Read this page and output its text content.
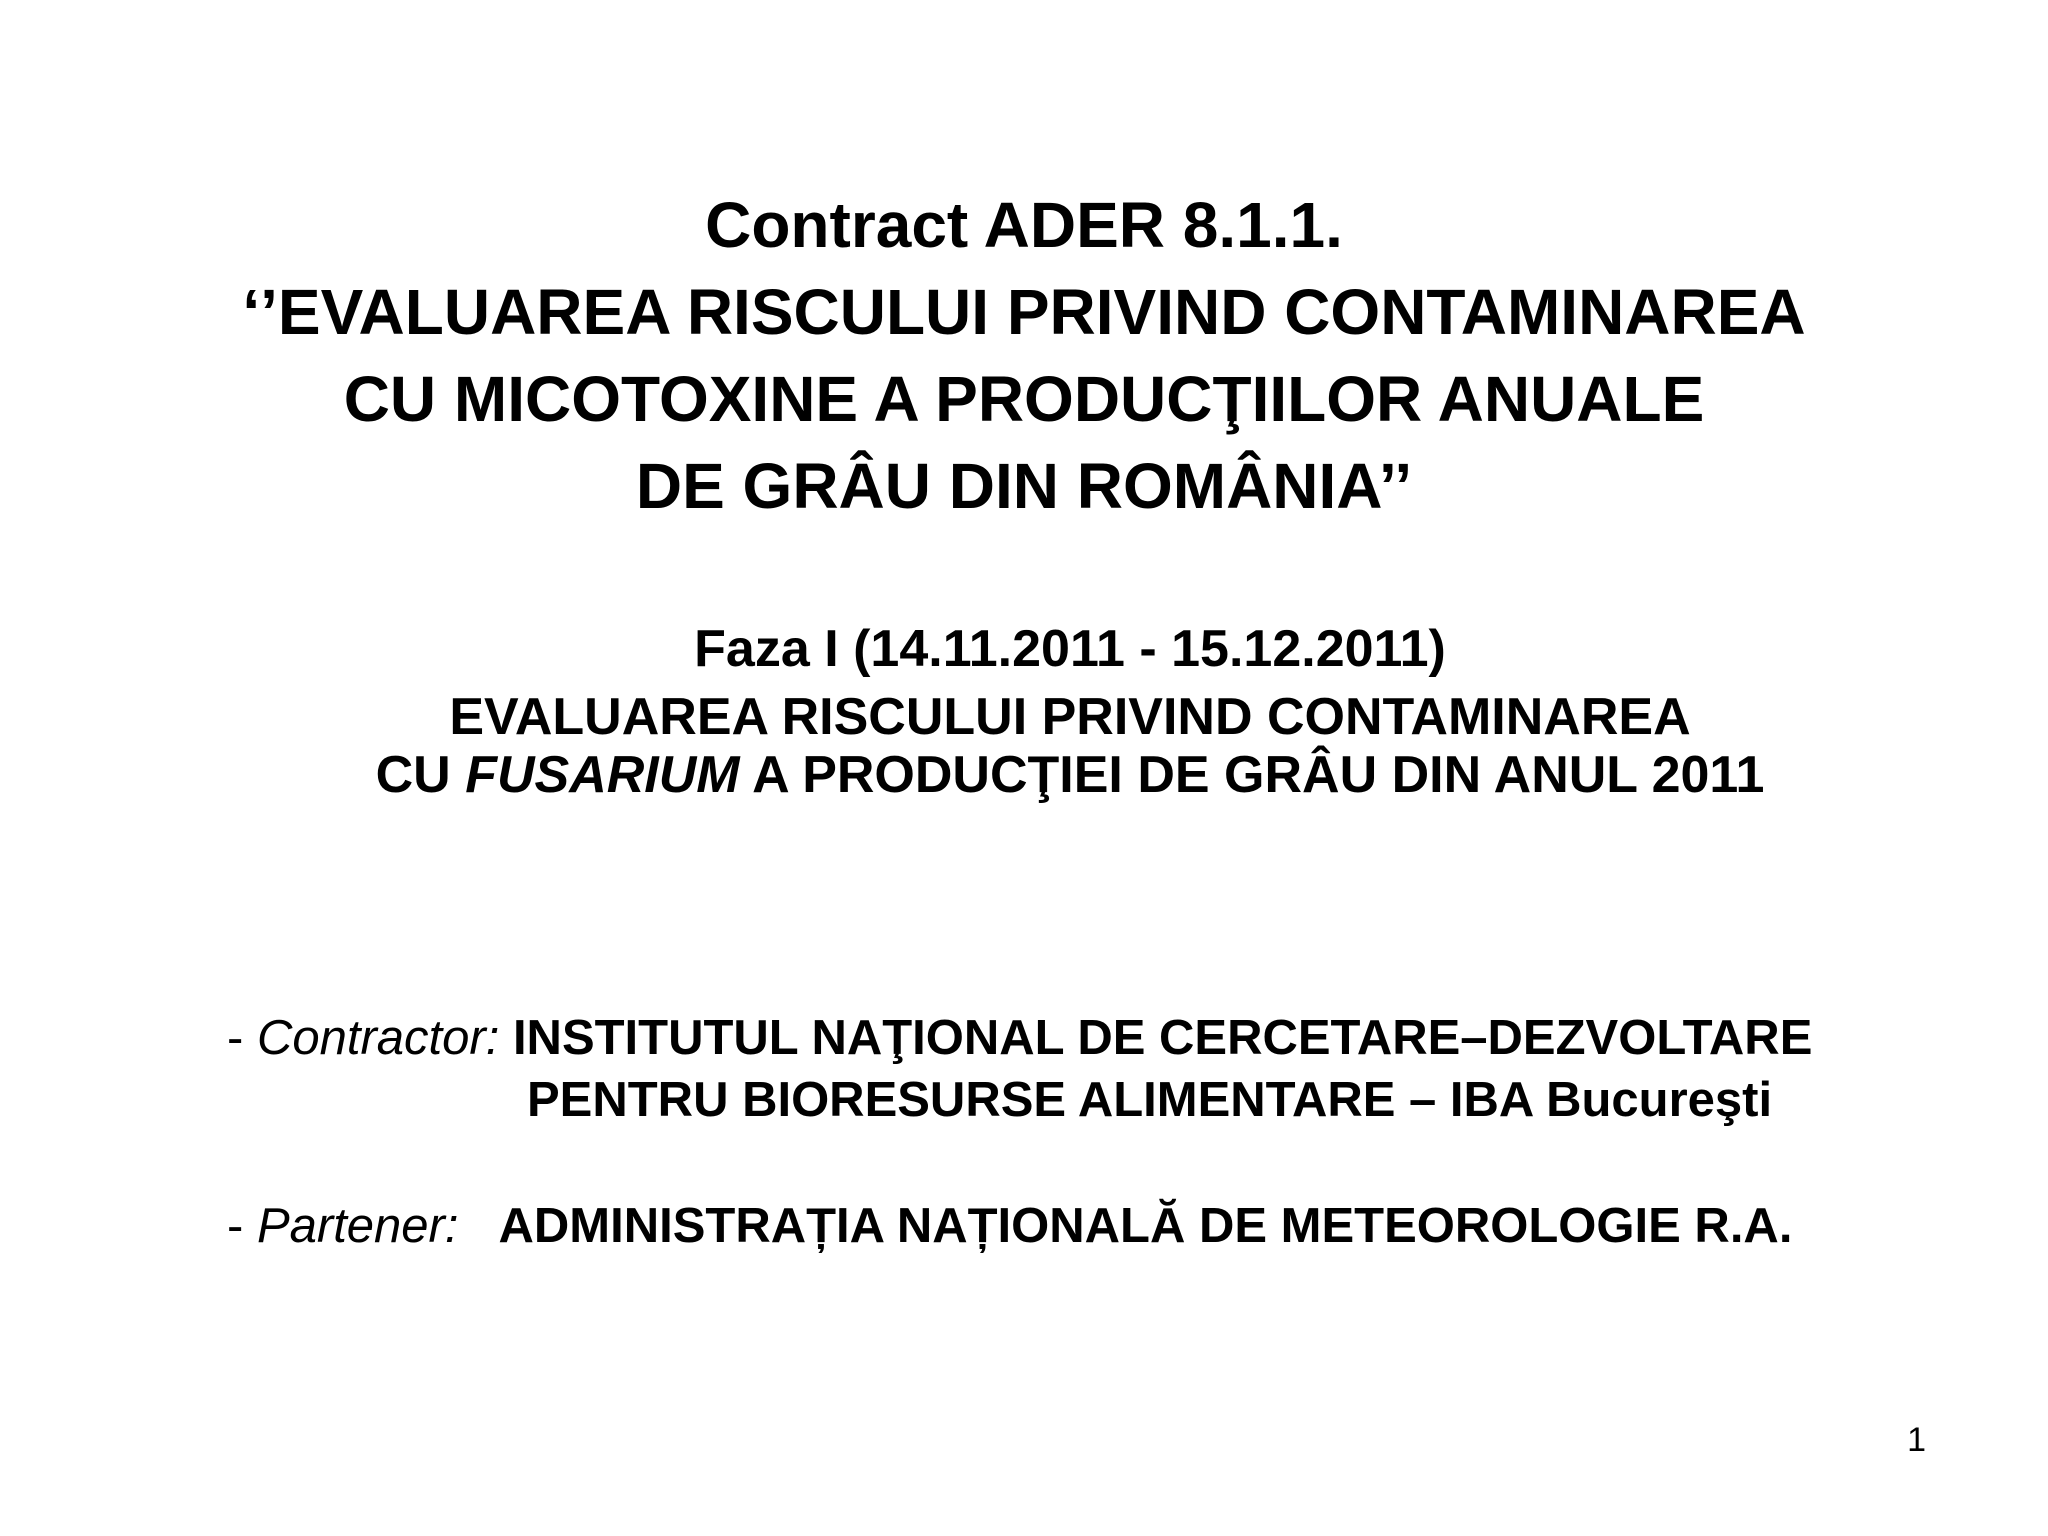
Contract ADER 8.1.1.
‘’EVALUAREA RISCULUI PRIVIND CONTAMINAREA
CU MICOTOXINE A PRODUCŢIILOR ANUALE
DE GRÂU DIN ROMÂNIA’’
Faza I (14.11.2011 - 15.12.2011)
EVALUAREA RISCULUI PRIVIND CONTAMINAREA
CU FUSARIUM A PRODUCŢIEI DE GRÂU DIN ANUL 2011
- Contractor: INSTITUTUL NAŢIONAL DE CERCETARE–DEZVOLTARE
PENTRU BIORESURSE ALIMENTARE – IBA Bucureşti
- Partener: ADMINISTRAȚIA NAȚIONALĂ DE METEOROLOGIE R.A.
1
